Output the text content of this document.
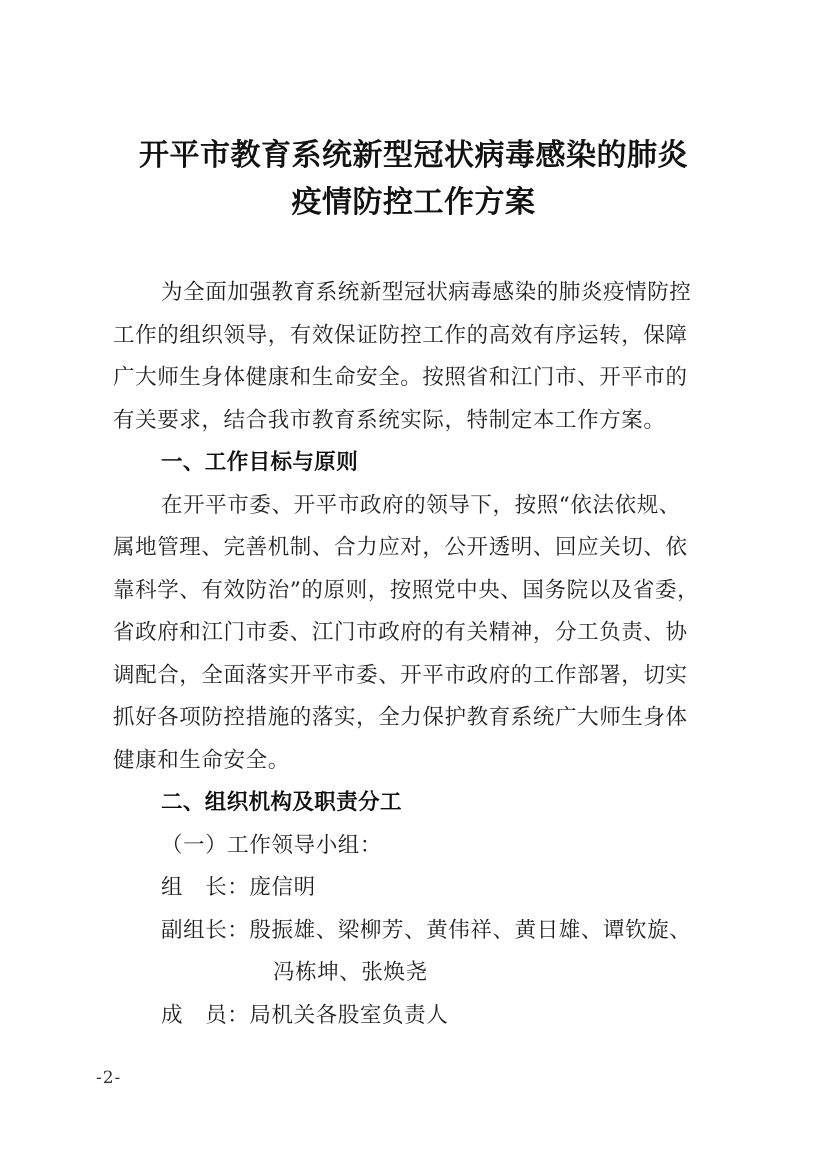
开平市教育系统新型冠状病毒感染的肺炎
疫情防控工作方案
为全面加强教育系统新型冠状病毒感染的肺炎疫情防控
工作的组织领导，有效保证防控工作的高效有序运转，保障
广大师生身体健康和生命安全。按照省和江门市、开平市的
有关要求，结合我市教育系统实际，特制定本工作方案。
一、工作目标与原则
在开平市委、开平市政府的领导下，按照“依法依规、
属地管理、完善机制、合力应对，公开透明、回应关切、依
靠科学、有效防治”的原则，按照党中央、国务院以及省委，
省政府和江门市委、江门市政府的有关精神，分工负责、协
调配合，全面落实开平市委、开平市政府的工作部署，切实
抓好各项防控措施的落实，全力保护教育系统广大师生身体
健康和生命安全。
二、组织机构及职责分工
（一）工作领导小组：
组　长：庞信明
副组长：殷振雄、梁柳芳、黄伟祥、黄日雄、谭钦旋、
冯栋坤、张焕尧
成　员：局机关各股室负责人
-2-
